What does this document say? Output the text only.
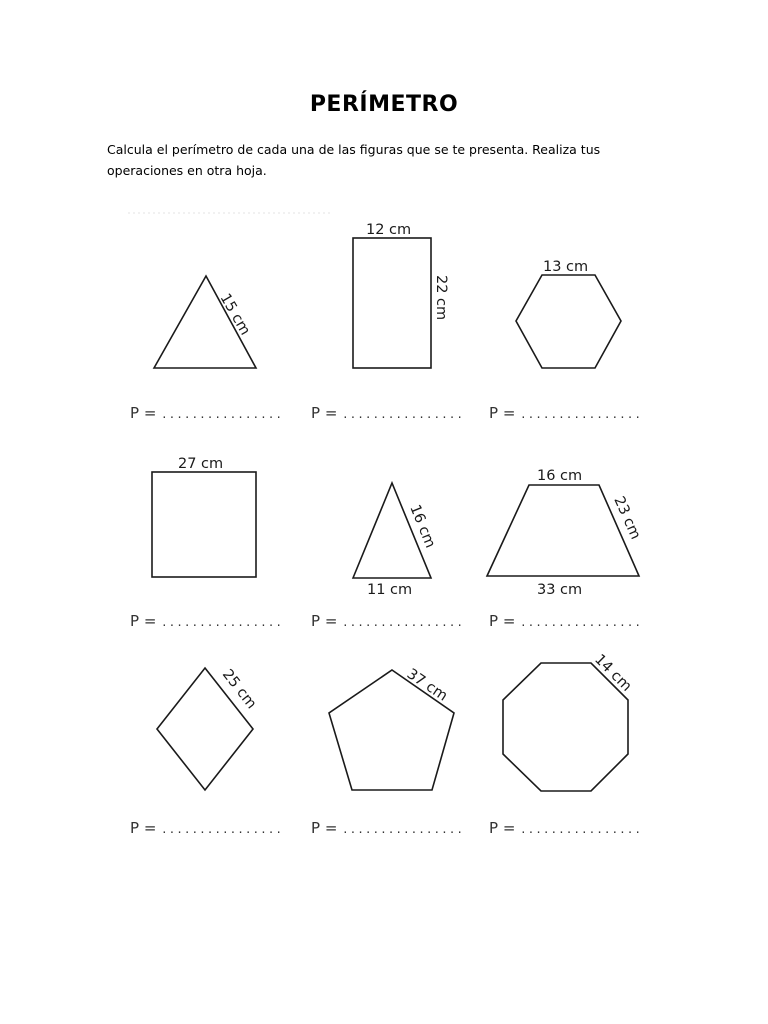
PERÍMETRO
Calcula el perímetro de cada una de las figuras que se te presenta. Realiza tus operaciones en otra hoja.
15 cm
12 cm
22 cm
13 cm
P = ................ P = ................ P = ................
27 cm
16 cm
11 cm
16 cm
23 cm
33 cm
P = ................ P = ................ P = ................
25 cm	37 cm	14 cm
P = ................ P = ................ P = ................
